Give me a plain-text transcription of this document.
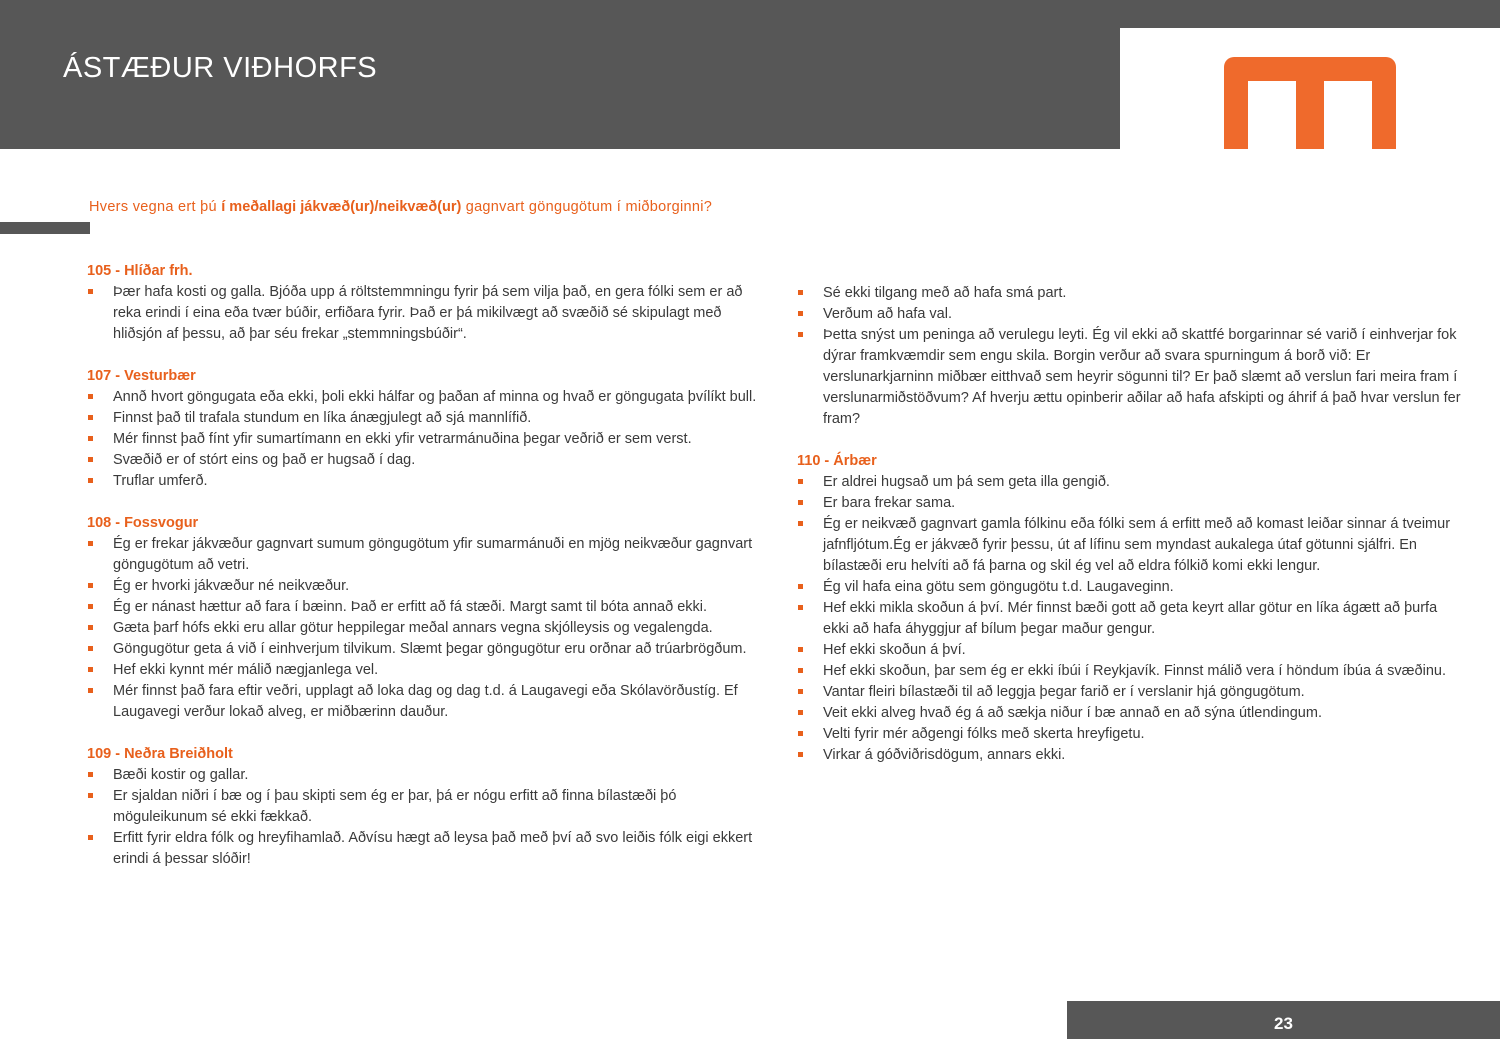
ÁSTÆÐUR VIÐHORFS

Hvers vegna ert þú í meðallagi jákvæð(ur)/neikvæð(ur) gagnvart göngugötum í miðborginni?

105 - Hlíðar frh.
Þær hafa kosti og galla. Bjóða upp á röltstemmningu fyrir þá sem vilja það, en gera fólki sem er að reka erindi í eina eða tvær búðir, erfiðara fyrir. Það er þá mikilvægt að svæðið sé skipulagt með hliðsjón af þessu, að þar séu frekar „stemmningsbúðir“.
107 - Vesturbær
Annð hvort göngugata eða ekki, þoli ekki hálfar og þaðan af minna og hvað er göngugata þvílíkt bull.
Finnst það til trafala stundum en líka ánægjulegt að sjá mannlífið.
Mér finnst það fínt yfir sumartímann en ekki yfir vetrarmánuðina þegar veðrið er sem verst.
Svæðið er of stórt eins og það er hugsað í dag.
Truflar umferð.
108 - Fossvogur
Ég er frekar jákvæður gagnvart sumum göngugötum yfir sumarmánuði en mjög neikvæður gagnvart göngugötum að vetri.
Ég er hvorki jákvæður né neikvæður.
Ég er nánast hættur að fara í bæinn. Það er erfitt að fá stæði. Margt samt til bóta annað ekki.
Gæta þarf hófs ekki eru allar götur heppilegar meðal annars vegna skjólleysis og vegalengda.
Göngugötur geta á við í einhverjum tilvikum. Slæmt þegar göngugötur eru orðnar að trúarbrögðum.
Hef ekki kynnt mér málið nægjanlega vel.
Mér finnst það fara eftir veðri, upplagt að loka dag og dag t.d. á Laugavegi eða Skólavörðustíg. Ef Laugavegi verður lokað alveg, er miðbærinn dauður.
109 - Neðra Breiðholt
Bæði kostir og gallar.
Er sjaldan niðri í bæ og í þau skipti sem ég er þar, þá er nógu erfitt að finna bílastæði þó möguleikunum sé ekki fækkað.
Erfitt fyrir eldra fólk og hreyfihamlað. Aðvísu hægt að leysa það með því að svo leiðis fólk eigi ekkert erindi á þessar slóðir!
Sé ekki tilgang með að hafa smá part.
Verðum að hafa val.
Þetta snýst um peninga að verulegu leyti. Ég vil ekki að skattfé borgarinnar sé varið í einhverjar fok dýrar framkvæmdir sem engu skila. Borgin verður að svara spurningum á borð við: Er verslunarkjarninn miðbær eitthvað sem heyrir sögunni til? Er það slæmt að verslun fari meira fram í verslunarmiðstöðvum? Af hverju ættu opinberir aðilar að hafa afskipti og áhrif á það hvar verslun fer fram?
110 - Árbær
Er aldrei hugsað um þá sem geta illa gengið.
Er bara frekar sama.
Ég er neikvæð gagnvart gamla fólkinu eða fólki sem á erfitt með að komast leiðar sinnar á tveimur jafnfljótum.Ég er jákvæð fyrir þessu, út af lífinu sem myndast aukalega útaf götunni sjálfri. En bílastæði eru helvíti að fá þarna og skil ég vel að eldra fólkið komi ekki lengur.
Ég vil hafa eina götu sem göngugötu t.d. Laugaveginn.
Hef ekki mikla skoðun á því. Mér finnst bæði gott að geta keyrt allar götur en líka ágætt að þurfa ekki að hafa áhyggjur af bílum þegar maður gengur.
Hef ekki skoðun á því.
Hef ekki skoðun, þar sem ég er ekki íbúi í Reykjavík. Finnst málið vera í höndum íbúa á svæðinu.
Vantar fleiri bílastæði til að leggja þegar farið er í verslanir hjá göngugötum.
Veit ekki alveg hvað ég á að sækja niður í bæ annað en að sýna útlendingum.
Velti fyrir mér aðgengi fólks með skerta hreyfigetu.
Virkar á góðviðrisdögum, annars ekki.
23
